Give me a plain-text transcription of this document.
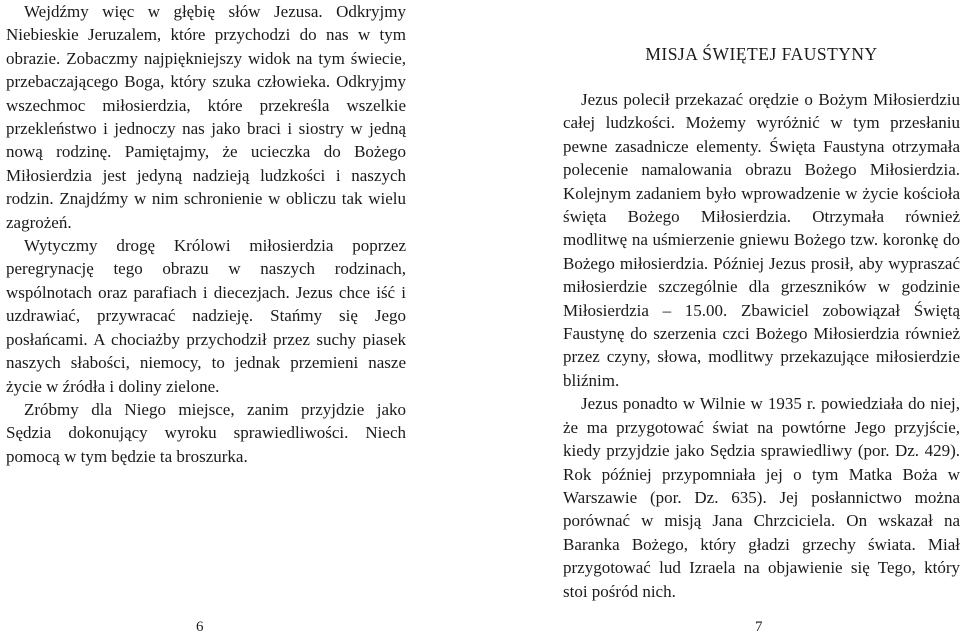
Wejdźmy więc w głębię słów Jezusa. Odkryjmy Niebieskie Jeruzalem, które przychodzi do nas w tym obrazie. Zobaczmy najpiękniejszy widok na tym świecie, przebaczającego Boga, który szuka człowieka. Odkryjmy wszechmoc miłosierdzia, które przekreśla wszelkie przekleństwo i jednoczy nas jako braci i siostry w jedną nową rodzinę. Pamiętajmy, że ucieczka do Bożego Miłosierdzia jest jedyną nadzieją ludzkości i naszych rodzin. Znajdźmy w nim schronienie w obliczu tak wielu zagrożeń.

Wytyczmy drogę Królowi miłosierdzia poprzez peregrynację tego obrazu w naszych rodzinach, wspólnotach oraz parafiach i diecezjach. Jezus chce iść i uzdrawiać, przywracać nadzieję. Stańmy się Jego posłańcami. A chociażby przychodził przez suchy piasek naszych słabości, niemocy, to jednak przemieni nasze życie w źródła i doliny zielone.

Zróbmy dla Niego miejsce, zanim przyjdzie jako Sędzia dokonujący wyroku sprawiedliwości. Niech pomocą w tym będzie ta broszurka.

6
MISJA ŚWIĘTEJ FAUSTYNY

Jezus polecił przekazać orędzie o Bożym Miłosierdziu całej ludzkości. Możemy wyróżnić w tym przesłaniu pewne zasadnicze elementy. Święta Faustyna otrzymała polecenie namalowania obrazu Bożego Miłosierdzia. Kolejnym zadaniem było wprowadzenie w życie kościoła święta Bożego Miłosierdzia. Otrzymała również modlitwę na uśmierzenie gniewu Bożego tzw. koronkę do Bożego miłosierdzia. Później Jezus prosił, aby wypraszać miłosierdzie szczególnie dla grzeszników w godzinie Miłosierdzia – 15.00. Zbawiciel zobowiązał Świętą Faustynę do szerzenia czci Bożego Miłosierdzia również przez czyny, słowa, modlitwy przekazujące miłosierdzie bliźnim.

Jezus ponadto w Wilnie w 1935 r. powiedziała do niej, że ma przygotować świat na powtórne Jego przyjście, kiedy przyjdzie jako Sędzia sprawiedliwy (por. Dz. 429). Rok później przypomniała jej o tym Matka Boża w Warszawie (por. Dz. 635). Jej posłannictwo można porównać w misją Jana Chrzciciela. On wskazał na Baranka Bożego, który gładzi grzechy świata. Miał przygotować lud Izraela na objawienie się Tego, który stoi pośród nich.

7
